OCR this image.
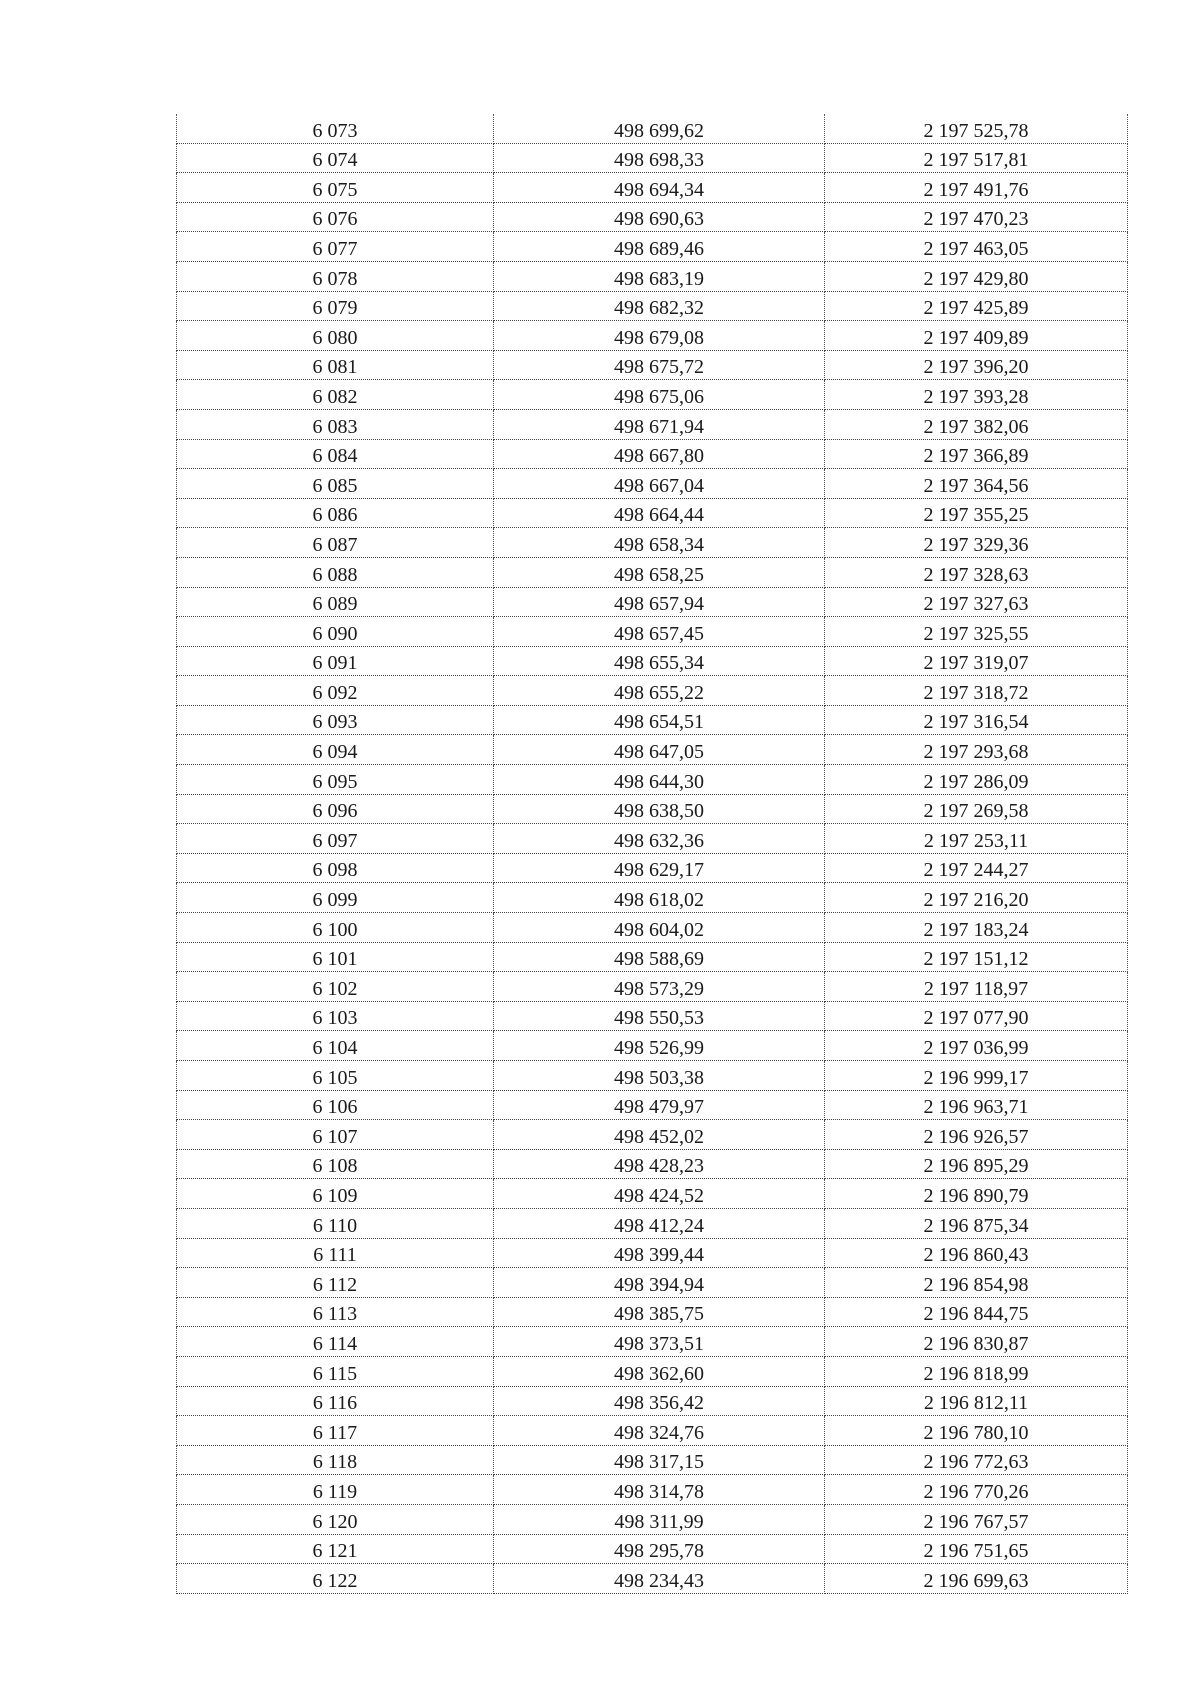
6 073	498 699,62	2 197 525,78
6 074	498 698,33	2 197 517,81
6 075	498 694,34	2 197 491,76
6 076	498 690,63	2 197 470,23
6 077	498 689,46	2 197 463,05
6 078	498 683,19	2 197 429,80
6 079	498 682,32	2 197 425,89
6 080	498 679,08	2 197 409,89
6 081	498 675,72	2 197 396,20
6 082	498 675,06	2 197 393,28
6 083	498 671,94	2 197 382,06
6 084	498 667,80	2 197 366,89
6 085	498 667,04	2 197 364,56
6 086	498 664,44	2 197 355,25
6 087	498 658,34	2 197 329,36
6 088	498 658,25	2 197 328,63
6 089	498 657,94	2 197 327,63
6 090	498 657,45	2 197 325,55
6 091	498 655,34	2 197 319,07
6 092	498 655,22	2 197 318,72
6 093	498 654,51	2 197 316,54
6 094	498 647,05	2 197 293,68
6 095	498 644,30	2 197 286,09
6 096	498 638,50	2 197 269,58
6 097	498 632,36	2 197 253,11
6 098	498 629,17	2 197 244,27
6 099	498 618,02	2 197 216,20
6 100	498 604,02	2 197 183,24
6 101	498 588,69	2 197 151,12
6 102	498 573,29	2 197 118,97
6 103	498 550,53	2 197 077,90
6 104	498 526,99	2 197 036,99
6 105	498 503,38	2 196 999,17
6 106	498 479,97	2 196 963,71
6 107	498 452,02	2 196 926,57
6 108	498 428,23	2 196 895,29
6 109	498 424,52	2 196 890,79
6 110	498 412,24	2 196 875,34
6 111	498 399,44	2 196 860,43
6 112	498 394,94	2 196 854,98
6 113	498 385,75	2 196 844,75
6 114	498 373,51	2 196 830,87
6 115	498 362,60	2 196 818,99
6 116	498 356,42	2 196 812,11
6 117	498 324,76	2 196 780,10
6 118	498 317,15	2 196 772,63
6 119	498 314,78	2 196 770,26
6 120	498 311,99	2 196 767,57
6 121	498 295,78	2 196 751,65
6 122	498 234,43	2 196 699,63
